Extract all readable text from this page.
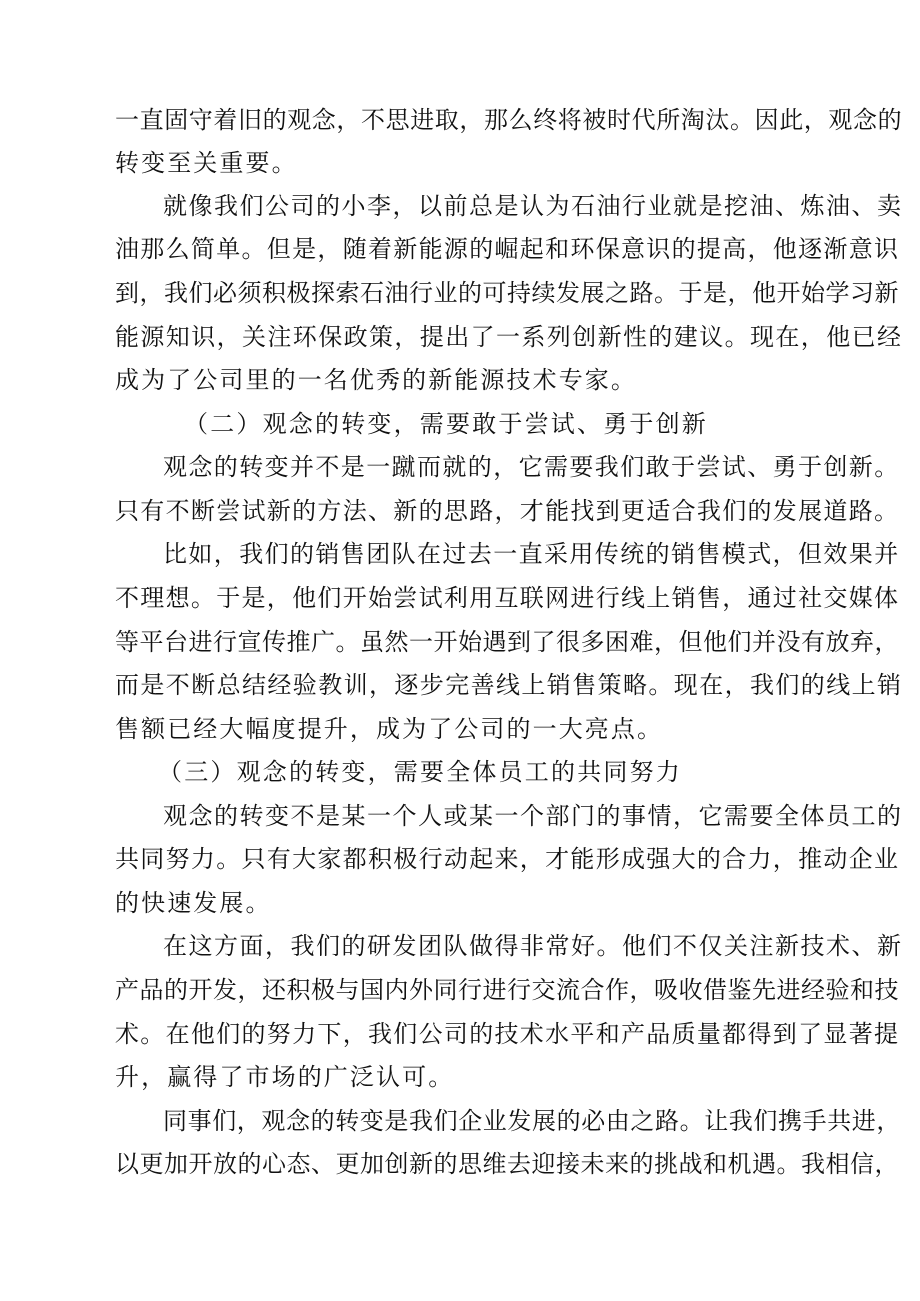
一直固守着旧的观念，不思进取，那么终将被时代所淘汰。因此，观念的
转变至关重要。
就像我们公司的小李，以前总是认为石油行业就是挖油、炼油、卖
油那么简单。但是，随着新能源的崛起和环保意识的提高，他逐渐意识
到，我们必须积极探索石油行业的可持续发展之路。于是，他开始学习新
能源知识，关注环保政策，提出了一系列创新性的建议。现在，他已经
成为了公司里的一名优秀的新能源技术专家。
（二）观念的转变，需要敢于尝试、勇于创新
观念的转变并不是一蹴而就的，它需要我们敢于尝试、勇于创新。
只有不断尝试新的方法、新的思路，才能找到更适合我们的发展道路。
比如，我们的销售团队在过去一直采用传统的销售模式，但效果并
不理想。于是，他们开始尝试利用互联网进行线上销售，通过社交媒体
等平台进行宣传推广。虽然一开始遇到了很多困难，但他们并没有放弃，
而是不断总结经验教训，逐步完善线上销售策略。现在，我们的线上销
售额已经大幅度提升，成为了公司的一大亮点。
（三）观念的转变，需要全体员工的共同努力
观念的转变不是某一个人或某一个部门的事情，它需要全体员工的
共同努力。只有大家都积极行动起来，才能形成强大的合力，推动企业
的快速发展。
在这方面，我们的研发团队做得非常好。他们不仅关注新技术、新
产品的开发，还积极与国内外同行进行交流合作，吸收借鉴先进经验和技
术。在他们的努力下，我们公司的技术水平和产品质量都得到了显著提
升，赢得了市场的广泛认可。
同事们，观念的转变是我们企业发展的必由之路。让我们携手共进，
以更加开放的心态、更加创新的思维去迎接未来的挑战和机遇。我相信，
